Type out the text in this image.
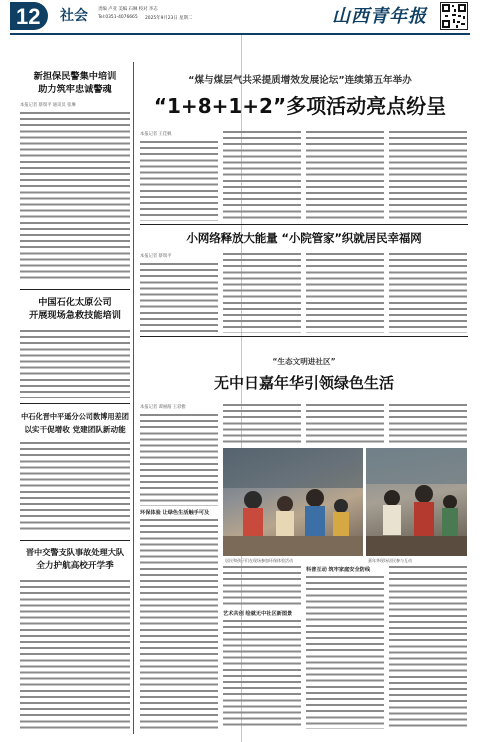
12 社会 责编 卢亚 美编 石琳 校对 李志
Tel:0351-4076665 2025年9月23日 星期二	山西青年报
新担保民警集中培训
助力筑牢忠诚警魂
本报记者 蔡瑞平 通讯员 张琳
中国石化太原公司
开展现场急救技能培训
中石化晋中平遥分公司数博用差团
以实干促增收 党建团队新动能
晋中交警支队事故处理大队
全力护航高校开学季
“煤与煤层气共采提质增效发展论坛”连续第五年举办
“1+8+1+2”多项活动亮点纷呈
本报记者 王佳枫
小网络释放大能量 “小院管家”织就居民幸福网
本报记者 蔡瑞平
“生态文明进社区”
无中日嘉年华引领绿色生活
本报记者 谭丽湄 王彩雅
环保体验 让绿色生活触手可及
居民和孩子们在现场参加环保体验活动	嘉年华现场居民参与互动
科普互动 筑牢家庭安全防线
艺术共创 绘就无中社区新图景
